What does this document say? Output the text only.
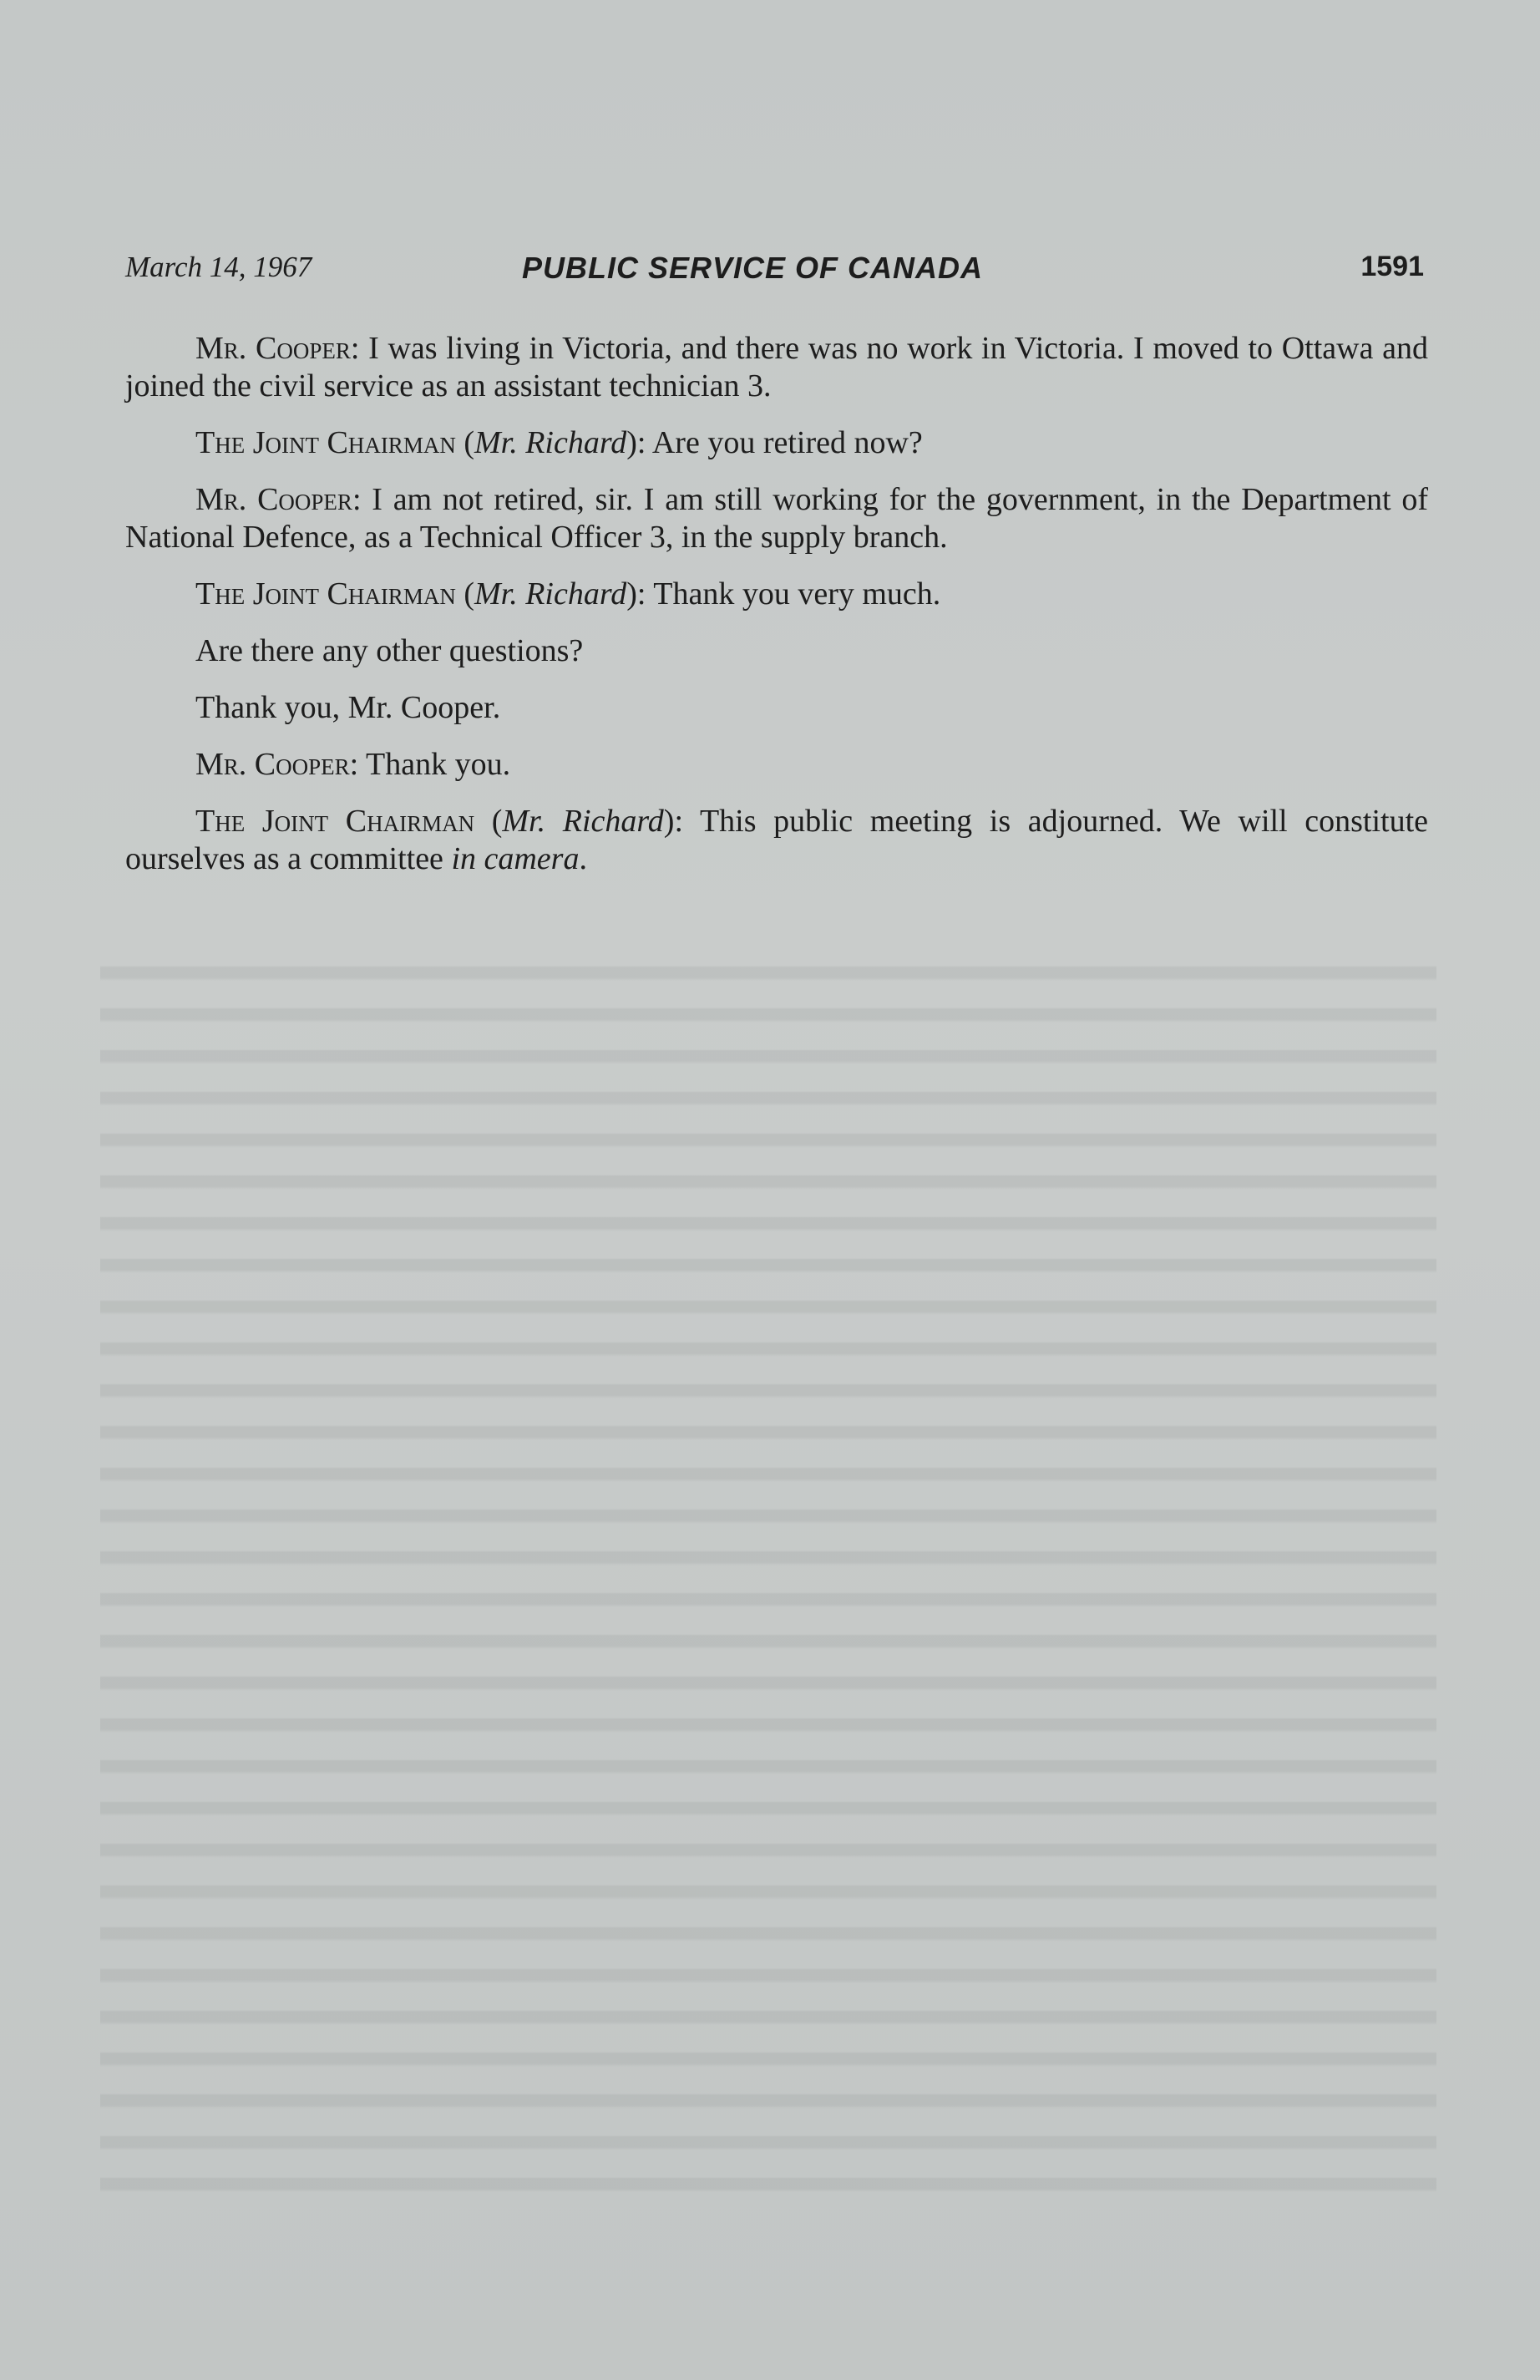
March 14, 1967	PUBLIC SERVICE OF CANADA	1591

Mr. Cooper: I was living in Victoria, and there was no work in Victoria. I moved to Ottawa and joined the civil service as an assistant technician 3.

The Joint Chairman (Mr. Richard): Are you retired now?

Mr. Cooper: I am not retired, sir. I am still working for the government, in the Department of National Defence, as a Technical Officer 3, in the supply branch.

The Joint Chairman (Mr. Richard): Thank you very much.

Are there any other questions?

Thank you, Mr. Cooper.

Mr. Cooper: Thank you.

The Joint Chairman (Mr. Richard): This public meeting is adjourned. We will constitute ourselves as a committee in camera.
